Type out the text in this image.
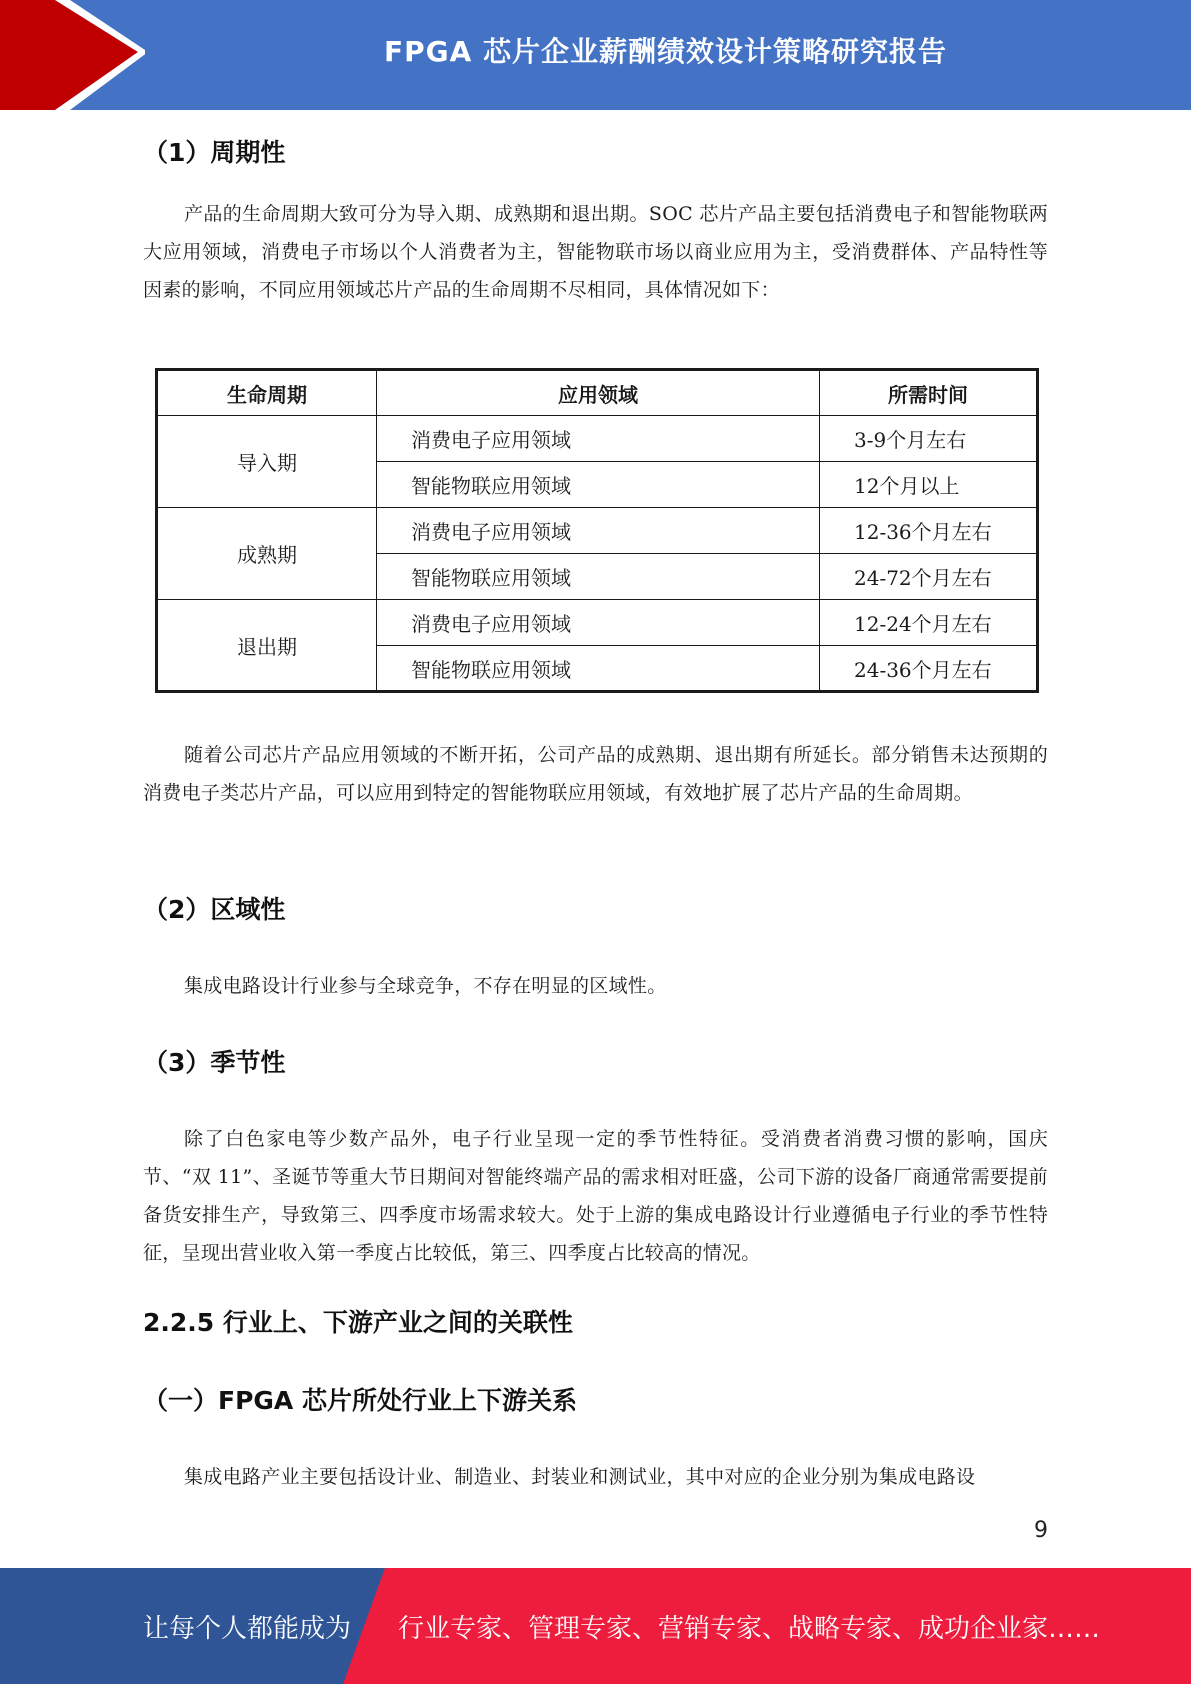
FPGA 芯片企业薪酬绩效设计策略研究报告
（1）周期性

产品的生命周期大致可分为导入期、成熟期和退出期。SOC 芯片产品主要包括消费电子和智能物联两大应用领域，消费电子市场以个人消费者为主，智能物联市场以商业应用为主，受消费群体、产品特性等因素的影响，不同应用领域芯片产品的生命周期不尽相同，具体情况如下：

生命周期	应用领域	所需时间
导入期	消费电子应用领域	3-9个月左右
	智能物联应用领域	12个月以上
成熟期	消费电子应用领域	12-36个月左右
	智能物联应用领域	24-72个月左右
退出期	消费电子应用领域	12-24个月左右
	智能物联应用领域	24-36个月左右

随着公司芯片产品应用领域的不断开拓，公司产品的成熟期、退出期有所延长。部分销售未达预期的消费电子类芯片产品，可以应用到特定的智能物联应用领域，有效地扩展了芯片产品的生命周期。

（2）区域性

集成电路设计行业参与全球竞争，不存在明显的区域性。

（3）季节性

除了白色家电等少数产品外，电子行业呈现一定的季节性特征。受消费者消费习惯的影响，国庆节、“双 11”、圣诞节等重大节日期间对智能终端产品的需求相对旺盛，公司下游的设备厂商通常需要提前备货安排生产，导致第三、四季度市场需求较大。处于上游的集成电路设计行业遵循电子行业的季节性特征，呈现出营业收入第一季度占比较低，第三、四季度占比较高的情况。

2.2.5 行业上、下游产业之间的关联性
（一）FPGA 芯片所处行业上下游关系

集成电路产业主要包括设计业、制造业、封装业和测试业，其中对应的企业分别为集成电路设

9
让每个人都能成为 行业专家、管理专家、营销专家、战略专家、成功企业家……
